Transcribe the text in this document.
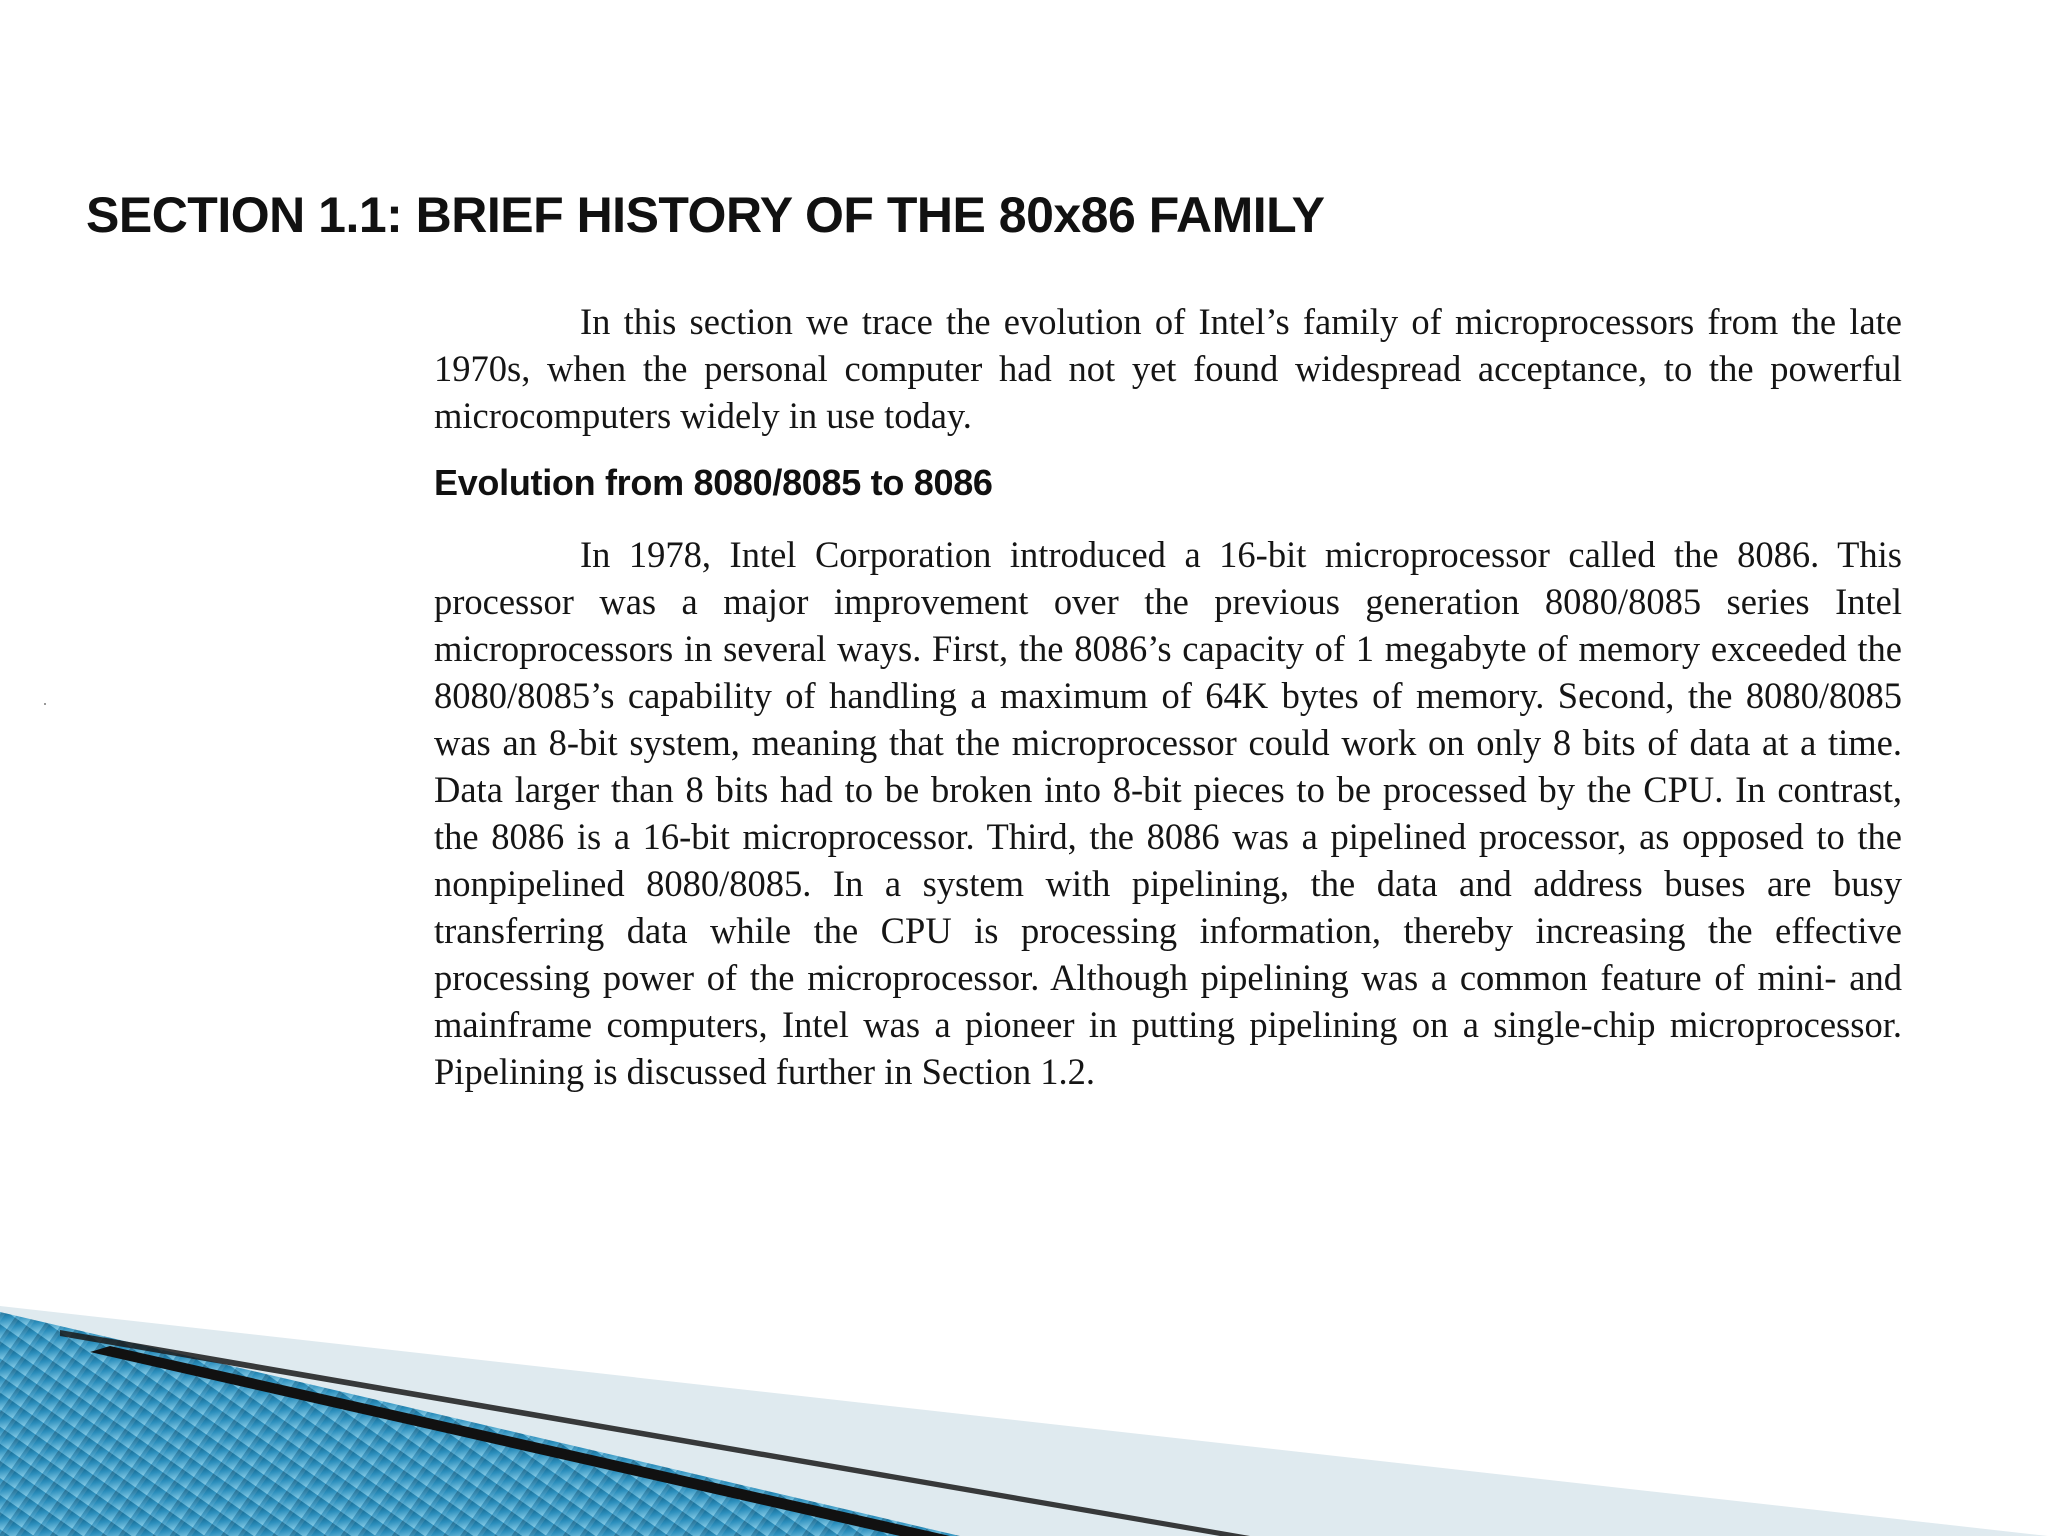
SECTION 1.1: BRIEF HISTORY OF THE 80x86 FAMILY

In this section we trace the evolution of Intel’s family of microprocessors from the late 1970s, when the personal computer had not yet found widespread acceptance, to the powerful microcomputers widely in use today.

Evolution from 8080/8085 to 8086

In 1978, Intel Corporation introduced a 16-bit microprocessor called the 8086. This processor was a major improvement over the previous generation 8080/8085 series Intel microprocessors in several ways. First, the 8086’s capacity of 1 megabyte of memory exceeded the 8080/8085’s capability of handling a maximum of 64K bytes of memory. Second, the 8080/8085 was an 8-bit system, meaning that the microprocessor could work on only 8 bits of data at a time. Data larger than 8 bits had to be broken into 8-bit pieces to be processed by the CPU. In contrast, the 8086 is a 16-bit microprocessor. Third, the 8086 was a pipelined processor, as opposed to the nonpipelined 8080/8085. In a system with pipelining, the data and address buses are busy transferring data while the CPU is processing information, thereby increasing the effective processing power of the microprocessor. Although pipelining was a common feature of mini- and mainframe computers, Intel was a pioneer in putting pipelining on a single-chip microprocessor. Pipelining is discussed further in Section 1.2.
